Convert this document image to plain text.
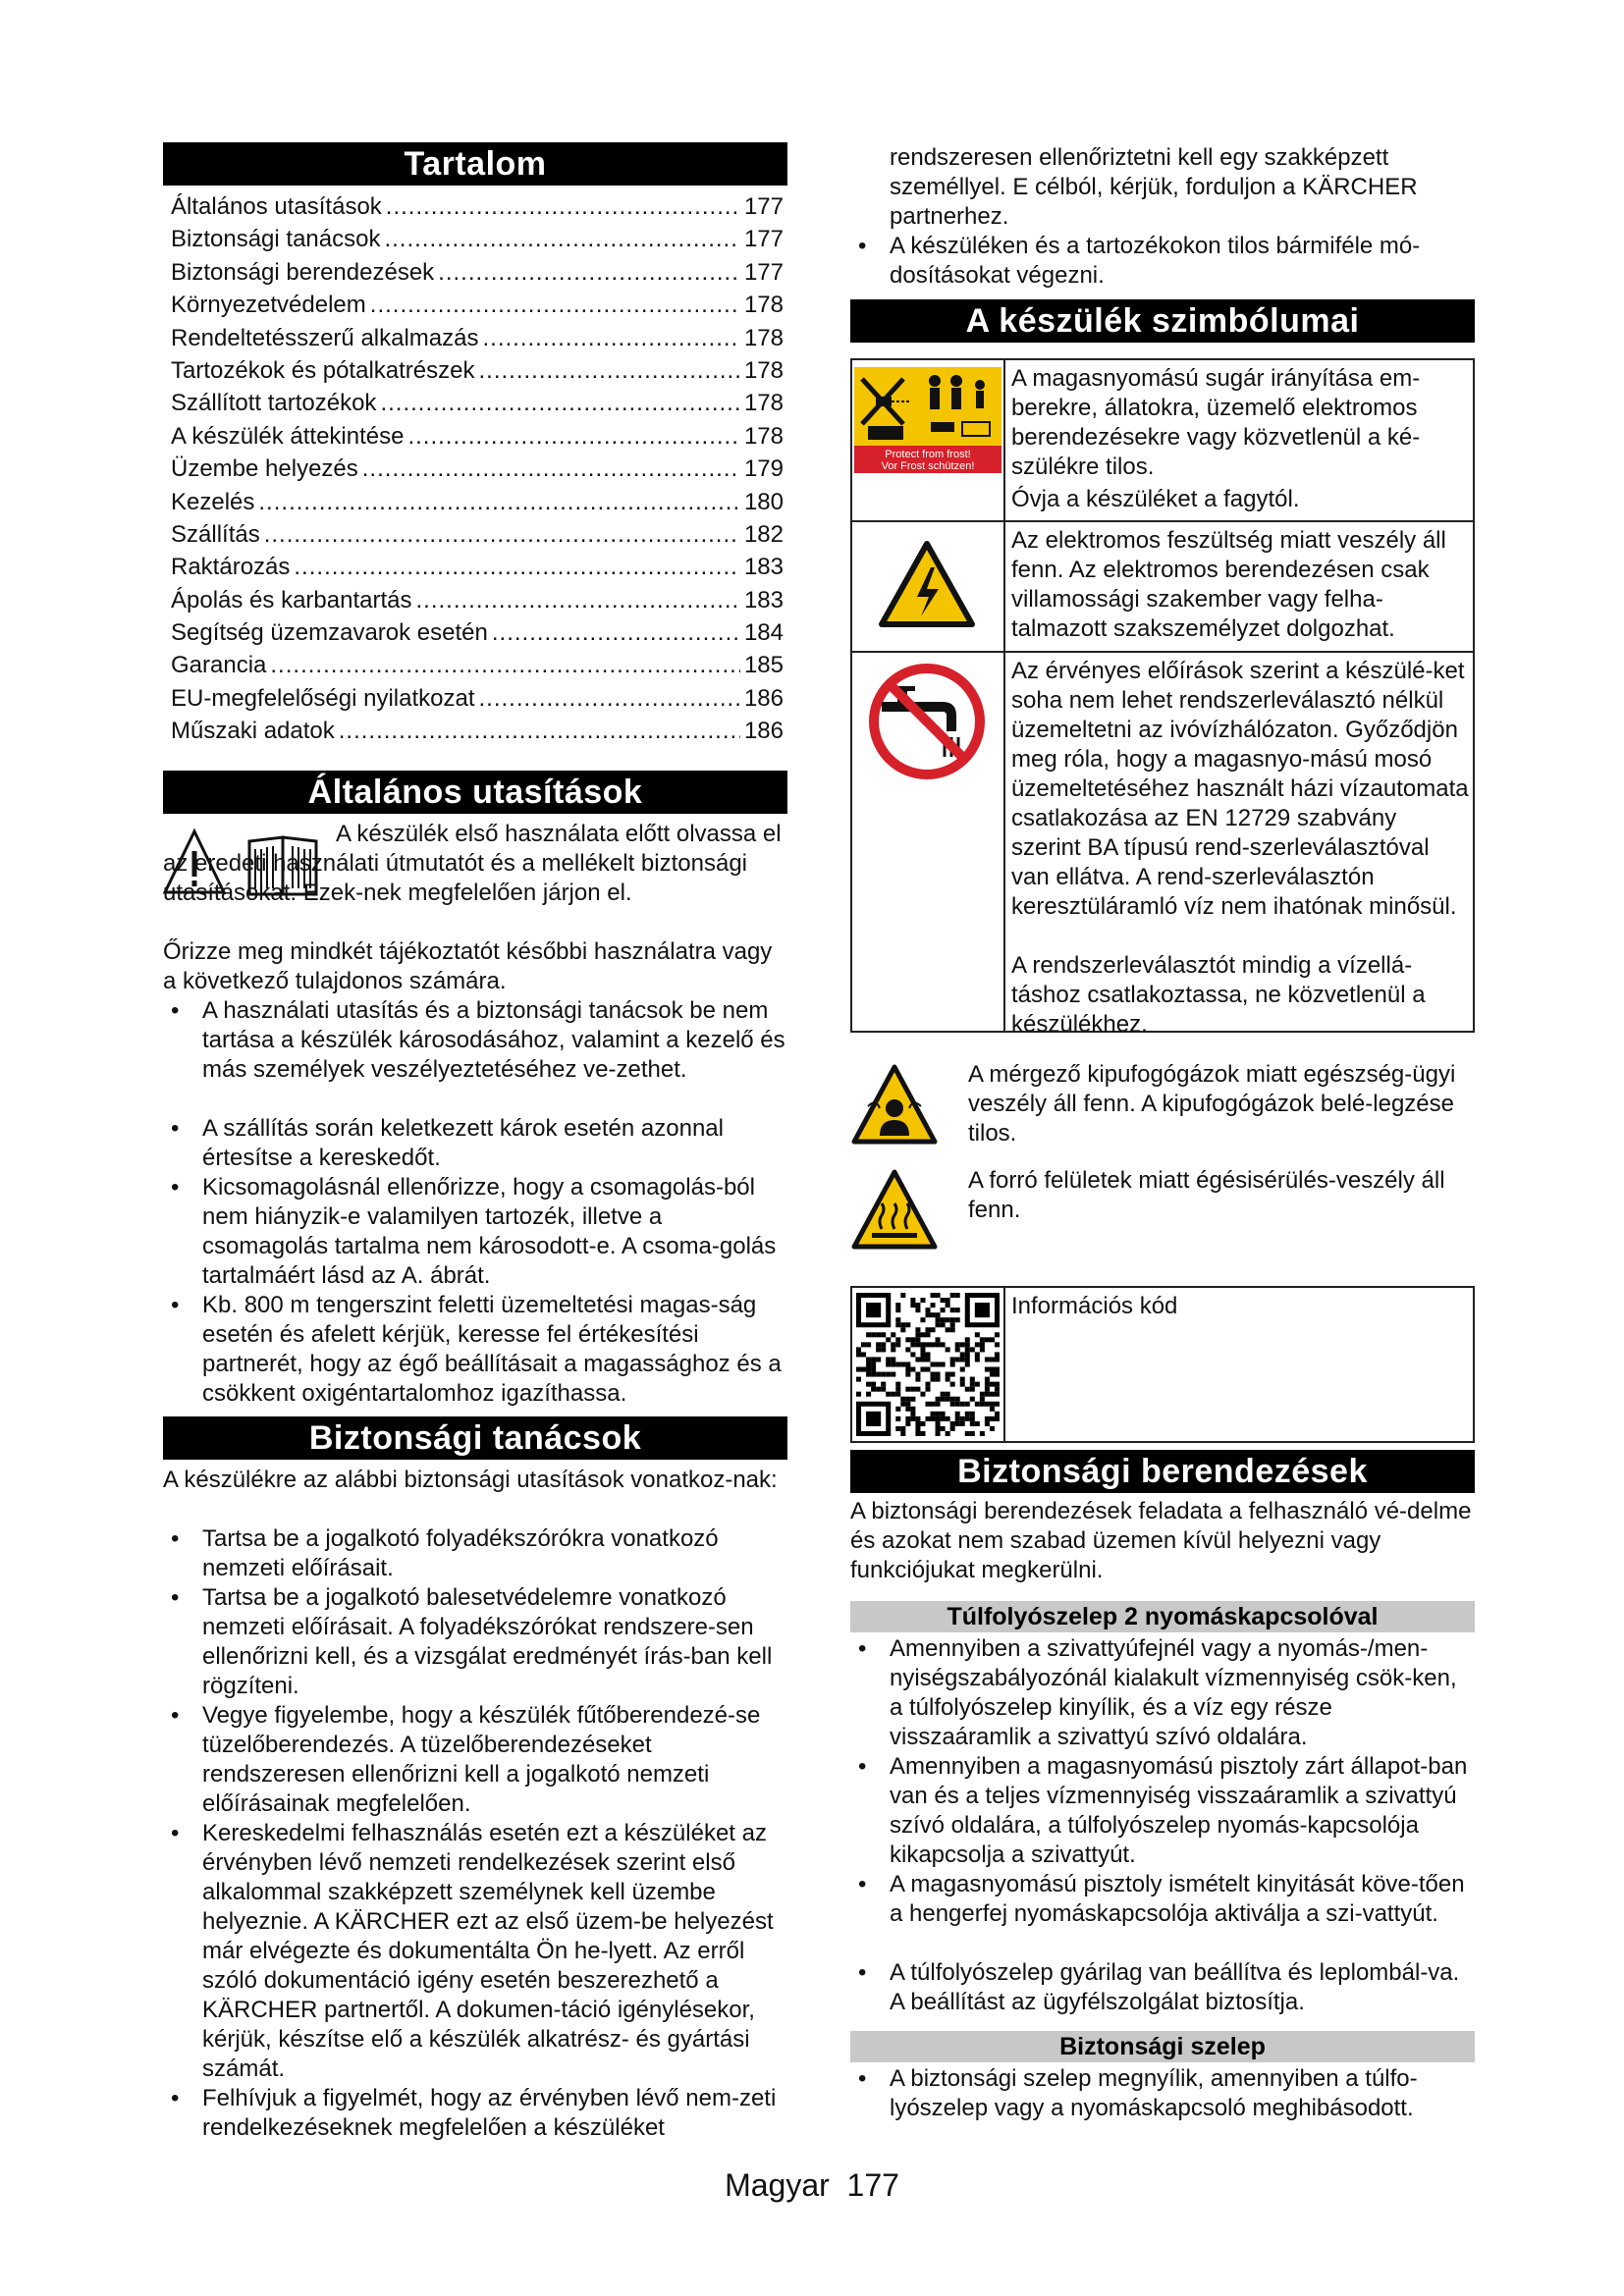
Tartalom
Általános utasítások .....	177
Biztonsági tanácsok .....	177
Biztonsági berendezések .....	177
Környezetvédelem .....	178
Rendeltetésszerű alkalmazás .....	178
Tartozékok és pótalkatrészek .....	178
Szállított tartozékok .....	178
A készülék áttekintése .....	178
Üzembe helyezés .....	179
Kezelés .....	180
Szállítás .....	182
Raktározás .....	183
Ápolás és karbantartás .....	183
Segítség üzemzavarok esetén .....	184
Garancia .....	185
EU-megfelelőségi nyilatkozat .....	186
Műszaki adatok .....	186
Általános utasítások
A készülék első használata előtt olvassa el az eredeti használati útmutatót és a mellékelt biztonsági utasításokat. Ezek-nek megfelelően járjon el.
Őrizze meg mindkét tájékoztatót későbbi használatra vagy a következő tulajdonos számára.
• A használati utasítás és a biztonsági tanácsok be nem tartása a készülék károsodásához, valamint a kezelő és más személyek veszélyeztetéséhez ve-zethet.
• A szállítás során keletkezett károk esetén azonnal értesítse a kereskedőt.
• Kicsomagolásnál ellenőrizze, hogy a csomagolás-ból nem hiányzik-e valamilyen tartozék, illetve a csomagolás tartalma nem károsodott-e. A csoma-golás tartalmáért lásd az A. ábrát.
• Kb. 800 m tengerszint feletti üzemeltetési magas-ság esetén és afelett kérjük, keresse fel értékesítési partnerét, hogy az égő beállításait a magassághoz és a csökkent oxigéntartalomhoz igazíthassa.
Biztonsági tanácsok
A készülékre az alábbi biztonsági utasítások vonatkoz-nak:
• Tartsa be a jogalkotó folyadékszórókra vonatkozó nemzeti előírásait.
• Tartsa be a jogalkotó balesetvédelemre vonatkozó nemzeti előírásait. A folyadékszórókat rendszere-sen ellenőrizni kell, és a vizsgálat eredményét írás-ban kell rögzíteni.
• Vegye figyelembe, hogy a készülék fűtőberendezé-se tüzelőberendezés. A tüzelőberendezéseket rendszeresen ellenőrizni kell a jogalkotó nemzeti előírásainak megfelelően.
• Kereskedelmi felhasználás esetén ezt a készüléket az érvényben lévő nemzeti rendelkezések szerint első alkalommal szakképzett személynek kell üzembe helyeznie. A KÄRCHER ezt az első üzem-be helyezést már elvégezte és dokumentálta Ön he-lyett. Az erről szóló dokumentáció igény esetén beszerezhető a KÄRCHER partnertől. A dokumen-táció igénylésekor, kérjük, készítse elő a készülék alkatrész- és gyártási számát.
• Felhívjuk a figyelmét, hogy az érvényben lévő nem-zeti rendelkezéseknek megfelelően a készüléket
rendszeresen ellenőriztetni kell egy szakképzett személlyel. E célból, kérjük, forduljon a KÄRCHER partnerhez.
• A készüléken és a tartozékokon tilos bármiféle mó-dosításokat végezni.
A készülék szimbólumai
Protect from frost!
Vor Frost schützen!
A magasnyomású sugár irányítása em-berekre, állatokra, üzemelő elektromos berendezésekre vagy közvetlenül a ké-szülékre tilos.
Óvja a készüléket a fagytól.
Az elektromos feszültség miatt veszély áll fenn. Az elektromos berendezésen csak villamossági szakember vagy felha-talmazott szakszemélyzet dolgozhat.
Az érvényes előírások szerint a készülé-ket soha nem lehet rendszerleválasztó nélkül üzemeltetni az ivóvízhálózaton. Győződjön meg róla, hogy a magasnyo-mású mosó üzemeltetéséhez használt házi vízautomata csatlakozása az EN 12729 szabvány szerint BA típusú rend-szerleválasztóval van ellátva. A rend-szerleválasztón keresztüláramló víz nem ihatónak minősül.
A rendszerleválasztót mindig a vízellá-táshoz csatlakoztassa, ne közvetlenül a készülékhez.
A mérgező kipufogógázok miatt egészség-ügyi veszély áll fenn. A kipufogógázok belé-legzése tilos.
A forró felületek miatt égésisérülés-veszély áll fenn.
Információs kód
Biztonsági berendezések
A biztonsági berendezések feladata a felhasználó vé-delme és azokat nem szabad üzemen kívül helyezni vagy funkciójukat megkerülni.
Túlfolyószelep 2 nyomáskapcsolóval
• Amennyiben a szivattyúfejnél vagy a nyomás-/men-nyiségszabályozónál kialakult vízmennyiség csök-ken, a túlfolyószelep kinyílik, és a víz egy része visszaáramlik a szivattyú szívó oldalára.
• Amennyiben a magasnyomású pisztoly zárt állapot-ban van és a teljes vízmennyiség visszaáramlik a szivattyú szívó oldalára, a túlfolyószelep nyomás-kapcsolója kikapcsolja a szivattyút.
• A magasnyomású pisztoly ismételt kinyitását köve-tően a hengerfej nyomáskapcsolója aktiválja a szi-vattyút.
• A túlfolyószelep gyárilag van beállítva és leplombál-va. A beállítást az ügyfélszolgálat biztosítja.
Biztonsági szelep
• A biztonsági szelep megnyílik, amennyiben a túlfo-lyószelep vagy a nyomáskapcsoló meghibásodott.
Magyar 177
